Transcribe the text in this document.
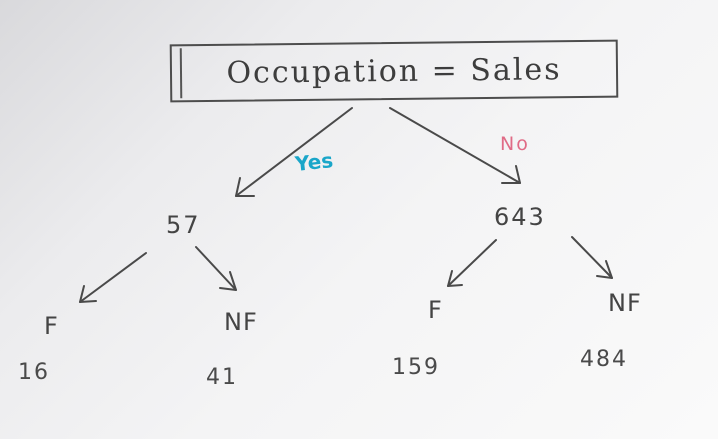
Occupation = Sales
Yes
No
57	643
F	NF	F	NF
16	41	159	484
